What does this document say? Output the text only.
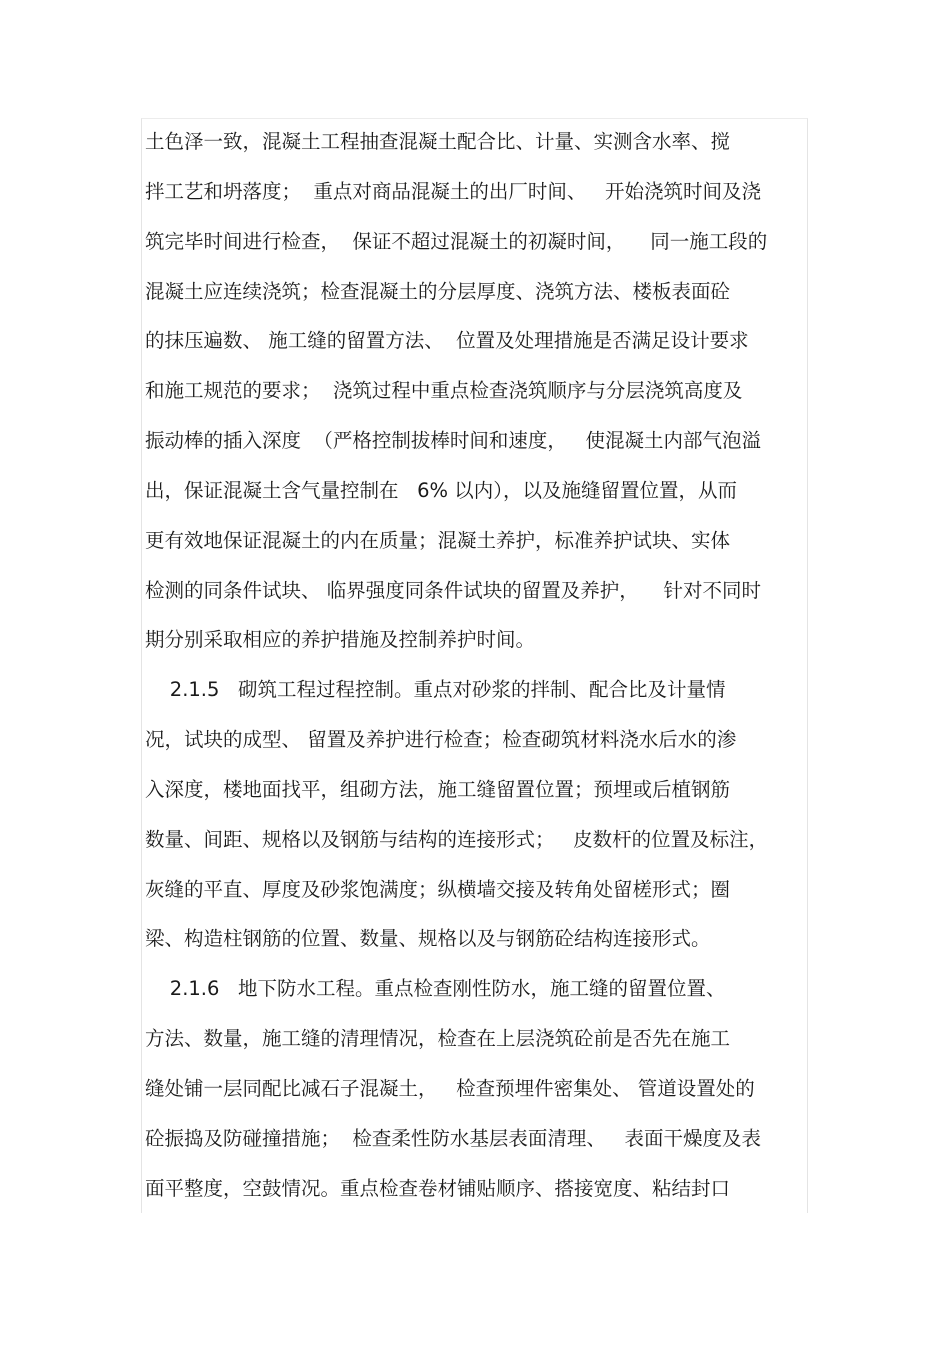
土色泽一致，混凝土工程抽查混凝土配合比、计量、实测含水率、搅
拌工艺和坍落度；  重点对商品混凝土的出厂时间、   开始浇筑时间及浇
筑完毕时间进行检查，  保证不超过混凝土的初凝时间，    同一施工段的
混凝土应连续浇筑；检查混凝土的分层厚度、浇筑方法、楼板表面砼
的抹压遍数、 施工缝的留置方法、  位置及处理措施是否满足设计要求
和施工规范的要求；  浇筑过程中重点检查浇筑顺序与分层浇筑高度及
振动棒的插入深度  （严格控制拔棒时间和速度，   使混凝土内部气泡溢
出，保证混凝土含气量控制在   6% 以内），以及施缝留置位置，从而
更有效地保证混凝土的内在质量；混凝土养护，标准养护试块、实体
检测的同条件试块、 临界强度同条件试块的留置及养护，    针对不同时
期分别采取相应的养护措施及控制养护时间。
2.1.5   砌筑工程过程控制。重点对砂浆的拌制、配合比及计量情
况，试块的成型、 留置及养护进行检查；检查砌筑材料浇水后水的渗
入深度，楼地面找平，组砌方法，施工缝留置位置；预埋或后植钢筋
数量、间距、规格以及钢筋与结构的连接形式；   皮数杆的位置及标注，
灰缝的平直、厚度及砂浆饱满度；纵横墙交接及转角处留槎形式；圈
梁、构造柱钢筋的位置、数量、规格以及与钢筋砼结构连接形式。
2.1.6   地下防水工程。重点检查刚性防水，施工缝的留置位置、
方法、数量，施工缝的清理情况，检查在上层浇筑砼前是否先在施工
缝处铺一层同配比减石子混凝土，   检查预埋件密集处、 管道设置处的
砼振捣及防碰撞措施；  检查柔性防水基层表面清理、   表面干燥度及表
面平整度，空鼓情况。重点检查卷材铺贴顺序、搭接宽度、粘结封口
